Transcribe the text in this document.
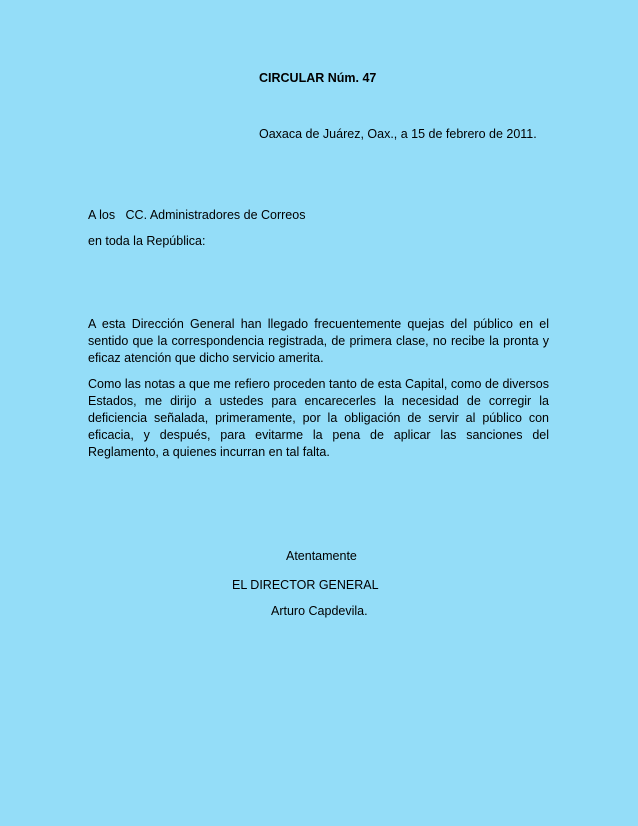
CIRCULAR Núm. 47
Oaxaca de Juárez, Oax., a 15 de febrero de 2011.
A los   CC. Administradores de Correos
en toda la República:
A esta Dirección General han llegado frecuentemente quejas del público en el sentido que la correspondencia registrada, de primera clase, no recibe la pronta y eficaz atención que dicho servicio amerita.
Como las notas a que me refiero proceden tanto de esta Capital, como de diversos Estados, me dirijo a ustedes para encarecerles la necesidad de corregir la deficiencia señalada, primeramente, por la obligación de servir al público con eficacia, y después, para evitarme la pena de aplicar las sanciones del Reglamento, a quienes incurran en tal falta.
Atentamente
EL DIRECTOR GENERAL
Arturo Capdevila.
